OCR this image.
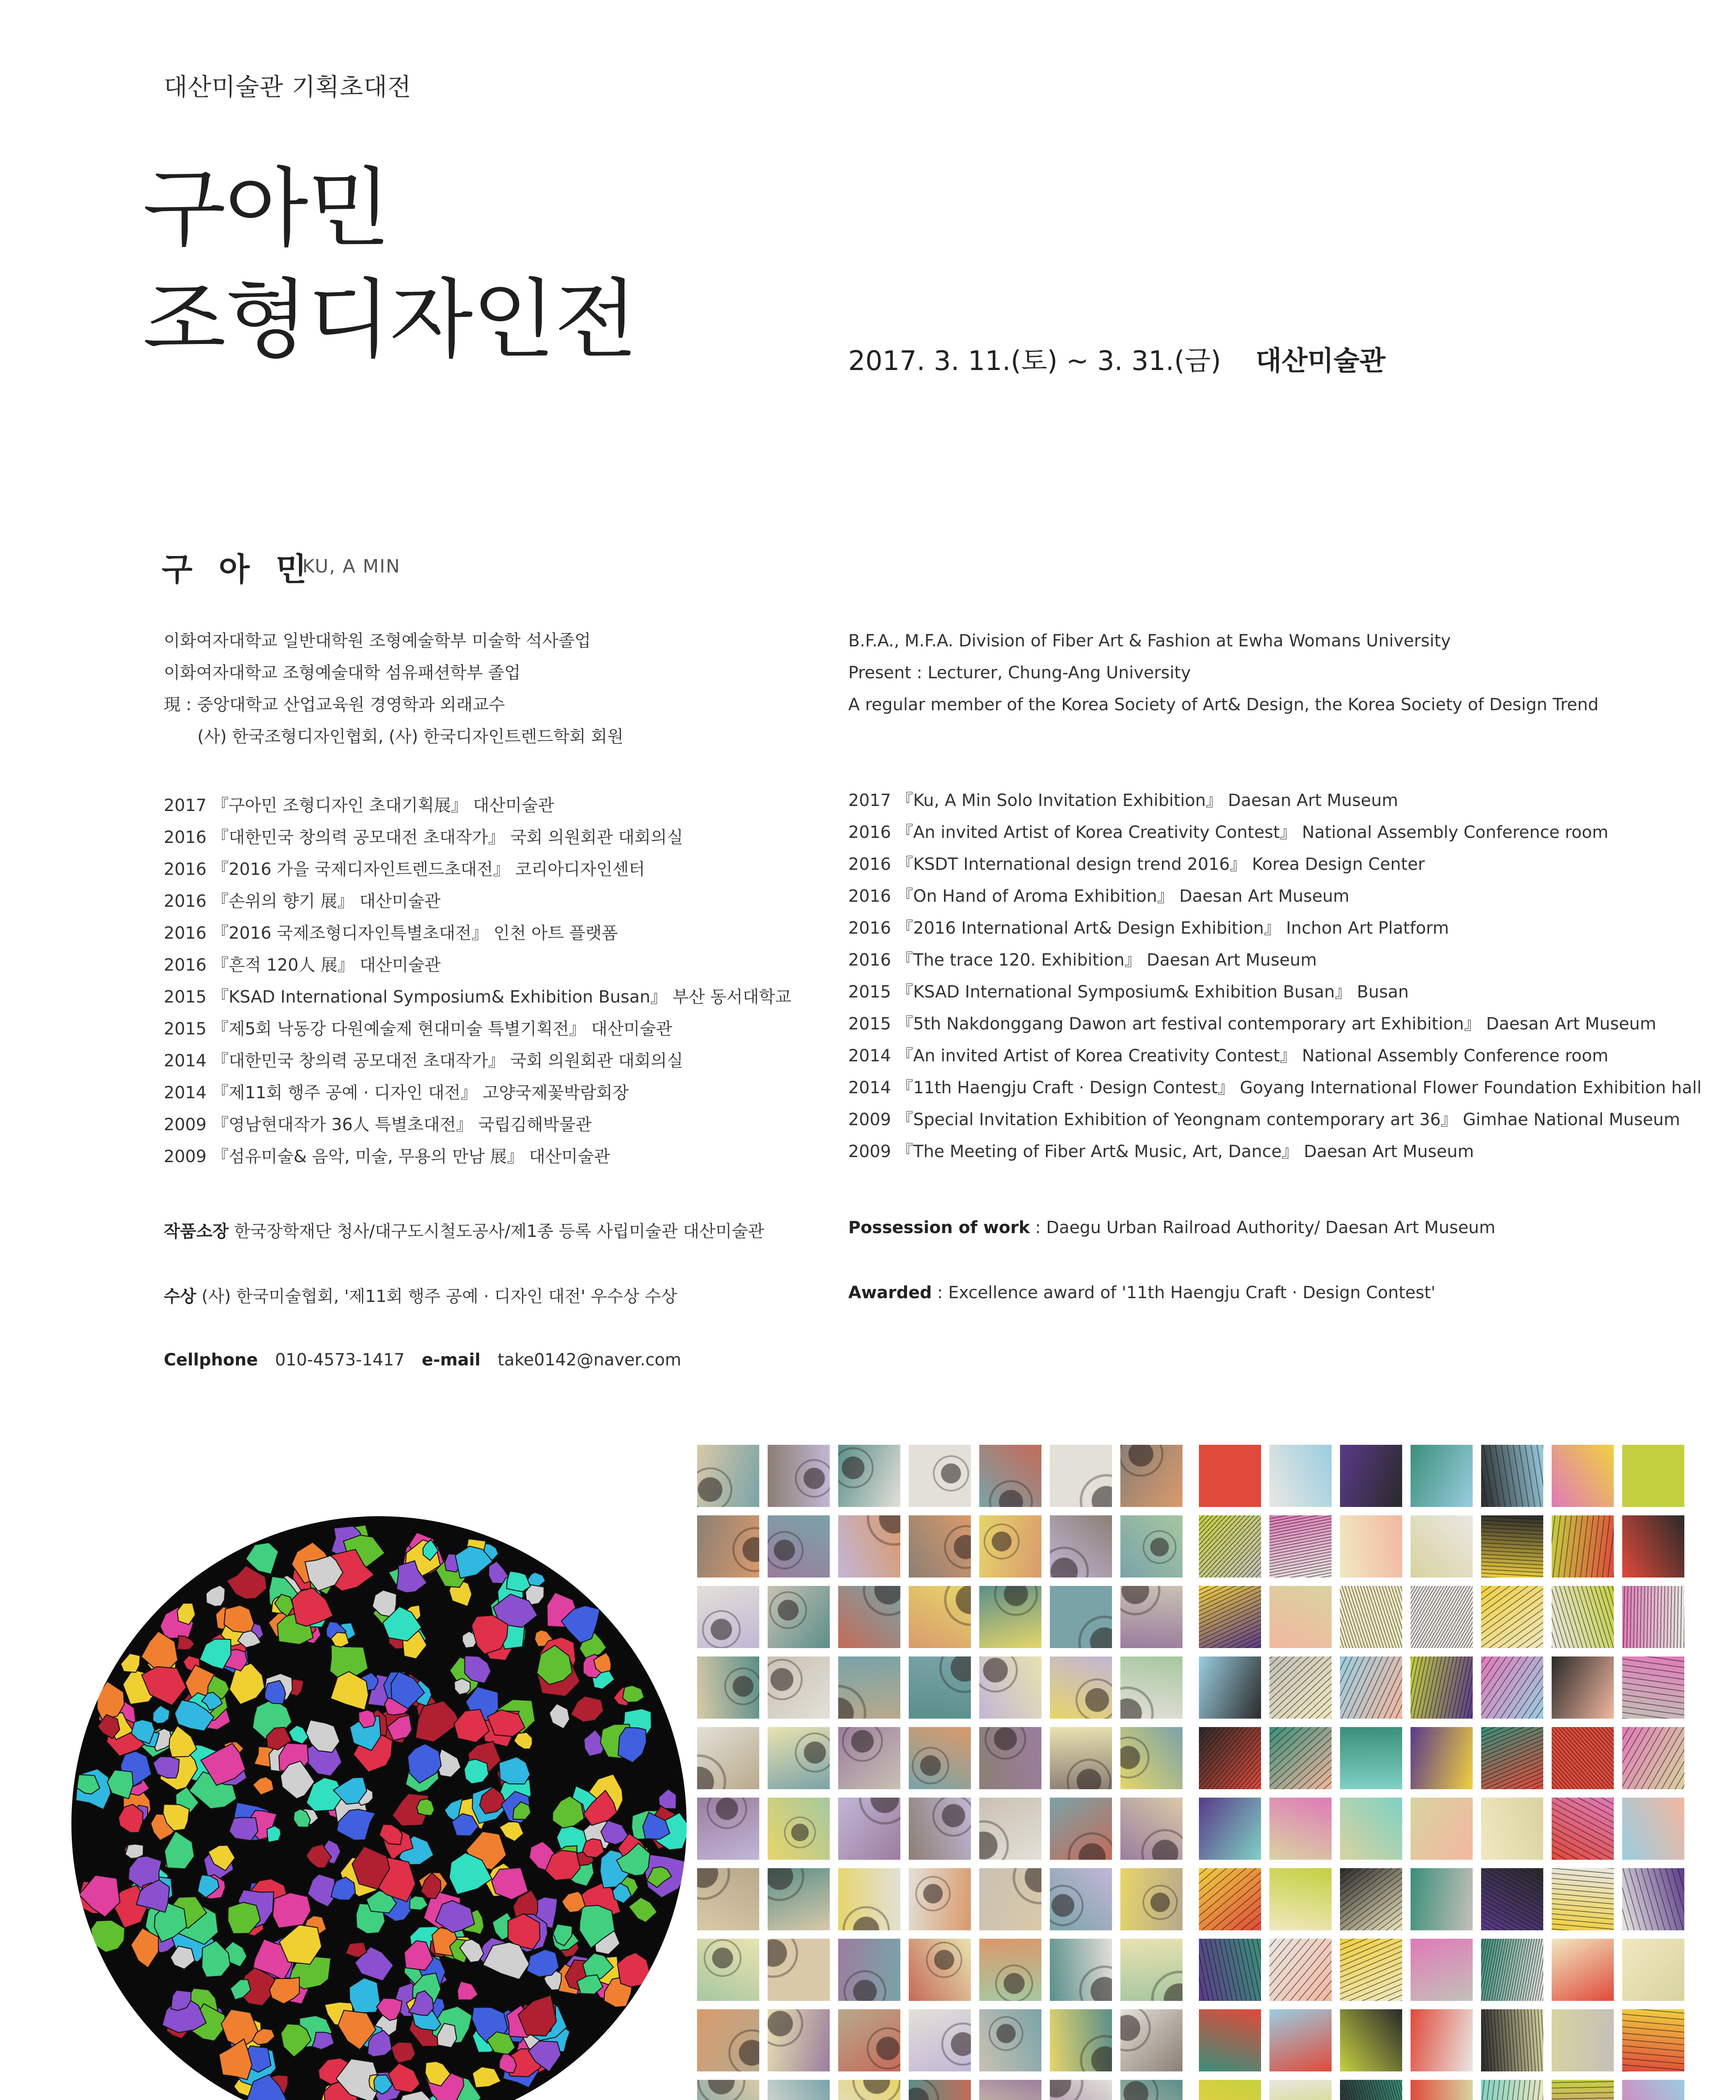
대산미술관 기획초대전
구아민
조형디자인전	2017. 3. 11.(토) ~ 3. 31.(금) 대산미술관
구 아 민
KU, A MIN
이화여자대학교 일반대학원 조형예술학부 미술학 석사졸업
이화여자대학교 조형예술대학 섬유패션학부 졸업
現 : 중앙대학교 산업교육원 경영학과 외래교수
　　(사) 한국조형디자인협회, (사) 한국디자인트렌드학회 회원
B.F.A., M.F.A. Division of Fiber Art & Fashion at Ewha Womans University
Present : Lecturer, Chung-Ang University
A regular member of the Korea Society of Art& Design, the Korea Society of Design Trend
2017 『구아민 조형디자인 초대기획展』 대산미술관
2016 『대한민국 창의력 공모대전 초대작가』 국회 의원회관 대회의실
2016 『2016 가을 국제디자인트렌드초대전』 코리아디자인센터
2016 『손위의 향기 展』 대산미술관
2016 『2016 국제조형디자인특별초대전』 인천 아트 플랫폼
2016 『흔적 120人 展』 대산미술관
2015 『KSAD International Symposium& Exhibition Busan』 부산 동서대학교
2015 『제5회 낙동강 다원예술제 현대미술 특별기획전』 대산미술관
2014 『대한민국 창의력 공모대전 초대작가』 국회 의원회관 대회의실
2014 『제11회 행주 공예 · 디자인 대전』 고양국제꽃박람회장
2009 『영남현대작가 36人 특별초대전』 국립김해박물관
2009 『섬유미술& 음악, 미술, 무용의 만남 展』 대산미술관
2017 『Ku, A Min Solo Invitation Exhibition』 Daesan Art Museum
2016 『An invited Artist of Korea Creativity Contest』 National Assembly Conference room
2016 『KSDT International design trend 2016』 Korea Design Center
2016 『On Hand of Aroma Exhibition』 Daesan Art Museum
2016 『2016 International Art& Design Exhibition』 Inchon Art Platform
2016 『The trace 120. Exhibition』 Daesan Art Museum
2015 『KSAD International Symposium& Exhibition Busan』 Busan
2015 『5th Nakdonggang Dawon art festival contemporary art Exhibition』 Daesan Art Museum
2014 『An invited Artist of Korea Creativity Contest』 National Assembly Conference room
2014 『11th Haengju Craft · Design Contest』 Goyang International Flower Foundation Exhibition hall
2009 『Special Invitation Exhibition of Yeongnam contemporary art 36』 Gimhae National Museum
2009 『The Meeting of Fiber Art& Music, Art, Dance』 Daesan Art Museum
작품소장 한국장학재단 청사/대구도시철도공사/제1종 등록 사립미술관 대산미술관	Possession of work : Daegu Urban Railroad Authority/ Daesan Art Museum
수상 (사) 한국미술협회, '제11회 행주 공예 · 디자인 대전' 우수상 수상	Awarded : Excellence award of '11th Haengju Craft · Design Contest'
Cellphone 010-4573-1417 e-mail take0142@naver.com
